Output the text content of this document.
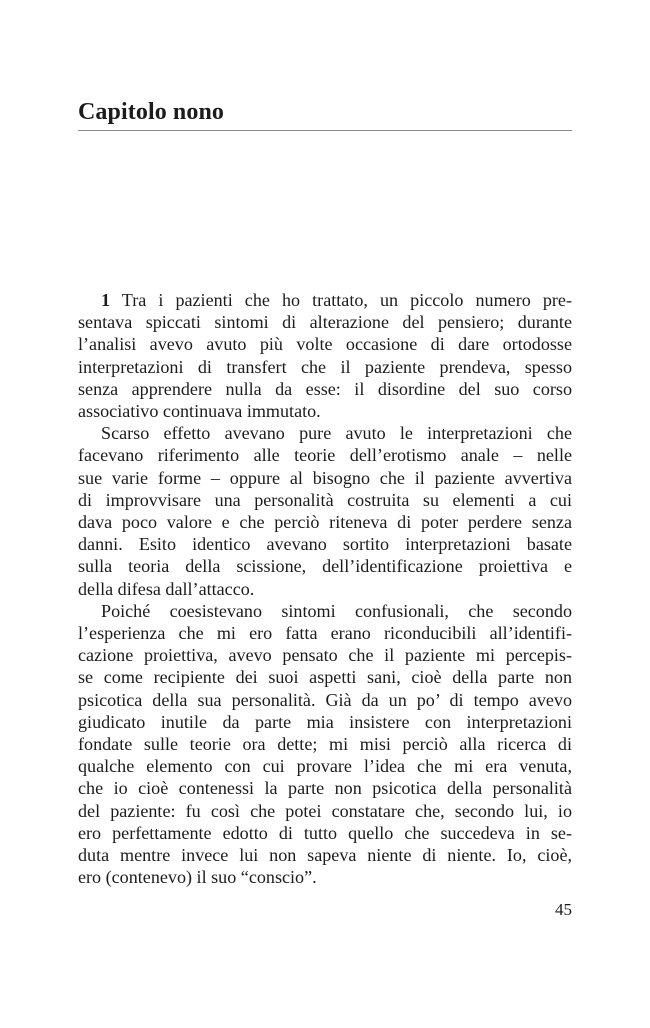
Capitolo nono
1 Tra i pazienti che ho trattato, un piccolo numero pre-
sentava spiccati sintomi di alterazione del pensiero; durante
l’analisi avevo avuto più volte occasione di dare ortodosse
interpretazioni di transfert che il paziente prendeva, spesso
senza apprendere nulla da esse: il disordine del suo corso
associativo continuava immutato.
Scarso effetto avevano pure avuto le interpretazioni che
facevano riferimento alle teorie dell’erotismo anale – nelle
sue varie forme – oppure al bisogno che il paziente avvertiva
di improvvisare una personalità costruita su elementi a cui
dava poco valore e che perciò riteneva di poter perdere senza
danni. Esito identico avevano sortito interpretazioni basate
sulla teoria della scissione, dell’identificazione proiettiva e
della difesa dall’attacco.
Poiché coesistevano sintomi confusionali, che secondo
l’esperienza che mi ero fatta erano riconducibili all’identifi-
cazione proiettiva, avevo pensato che il paziente mi percepis-
se come recipiente dei suoi aspetti sani, cioè della parte non
psicotica della sua personalità. Già da un po’ di tempo avevo
giudicato inutile da parte mia insistere con interpretazioni
fondate sulle teorie ora dette; mi misi perciò alla ricerca di
qualche elemento con cui provare l’idea che mi era venuta,
che io cioè contenessi la parte non psicotica della personalità
del paziente: fu così che potei constatare che, secondo lui, io
ero perfettamente edotto di tutto quello che succedeva in se-
duta mentre invece lui non sapeva niente di niente. Io, cioè,
ero (contenevo) il suo “conscio”.
45
